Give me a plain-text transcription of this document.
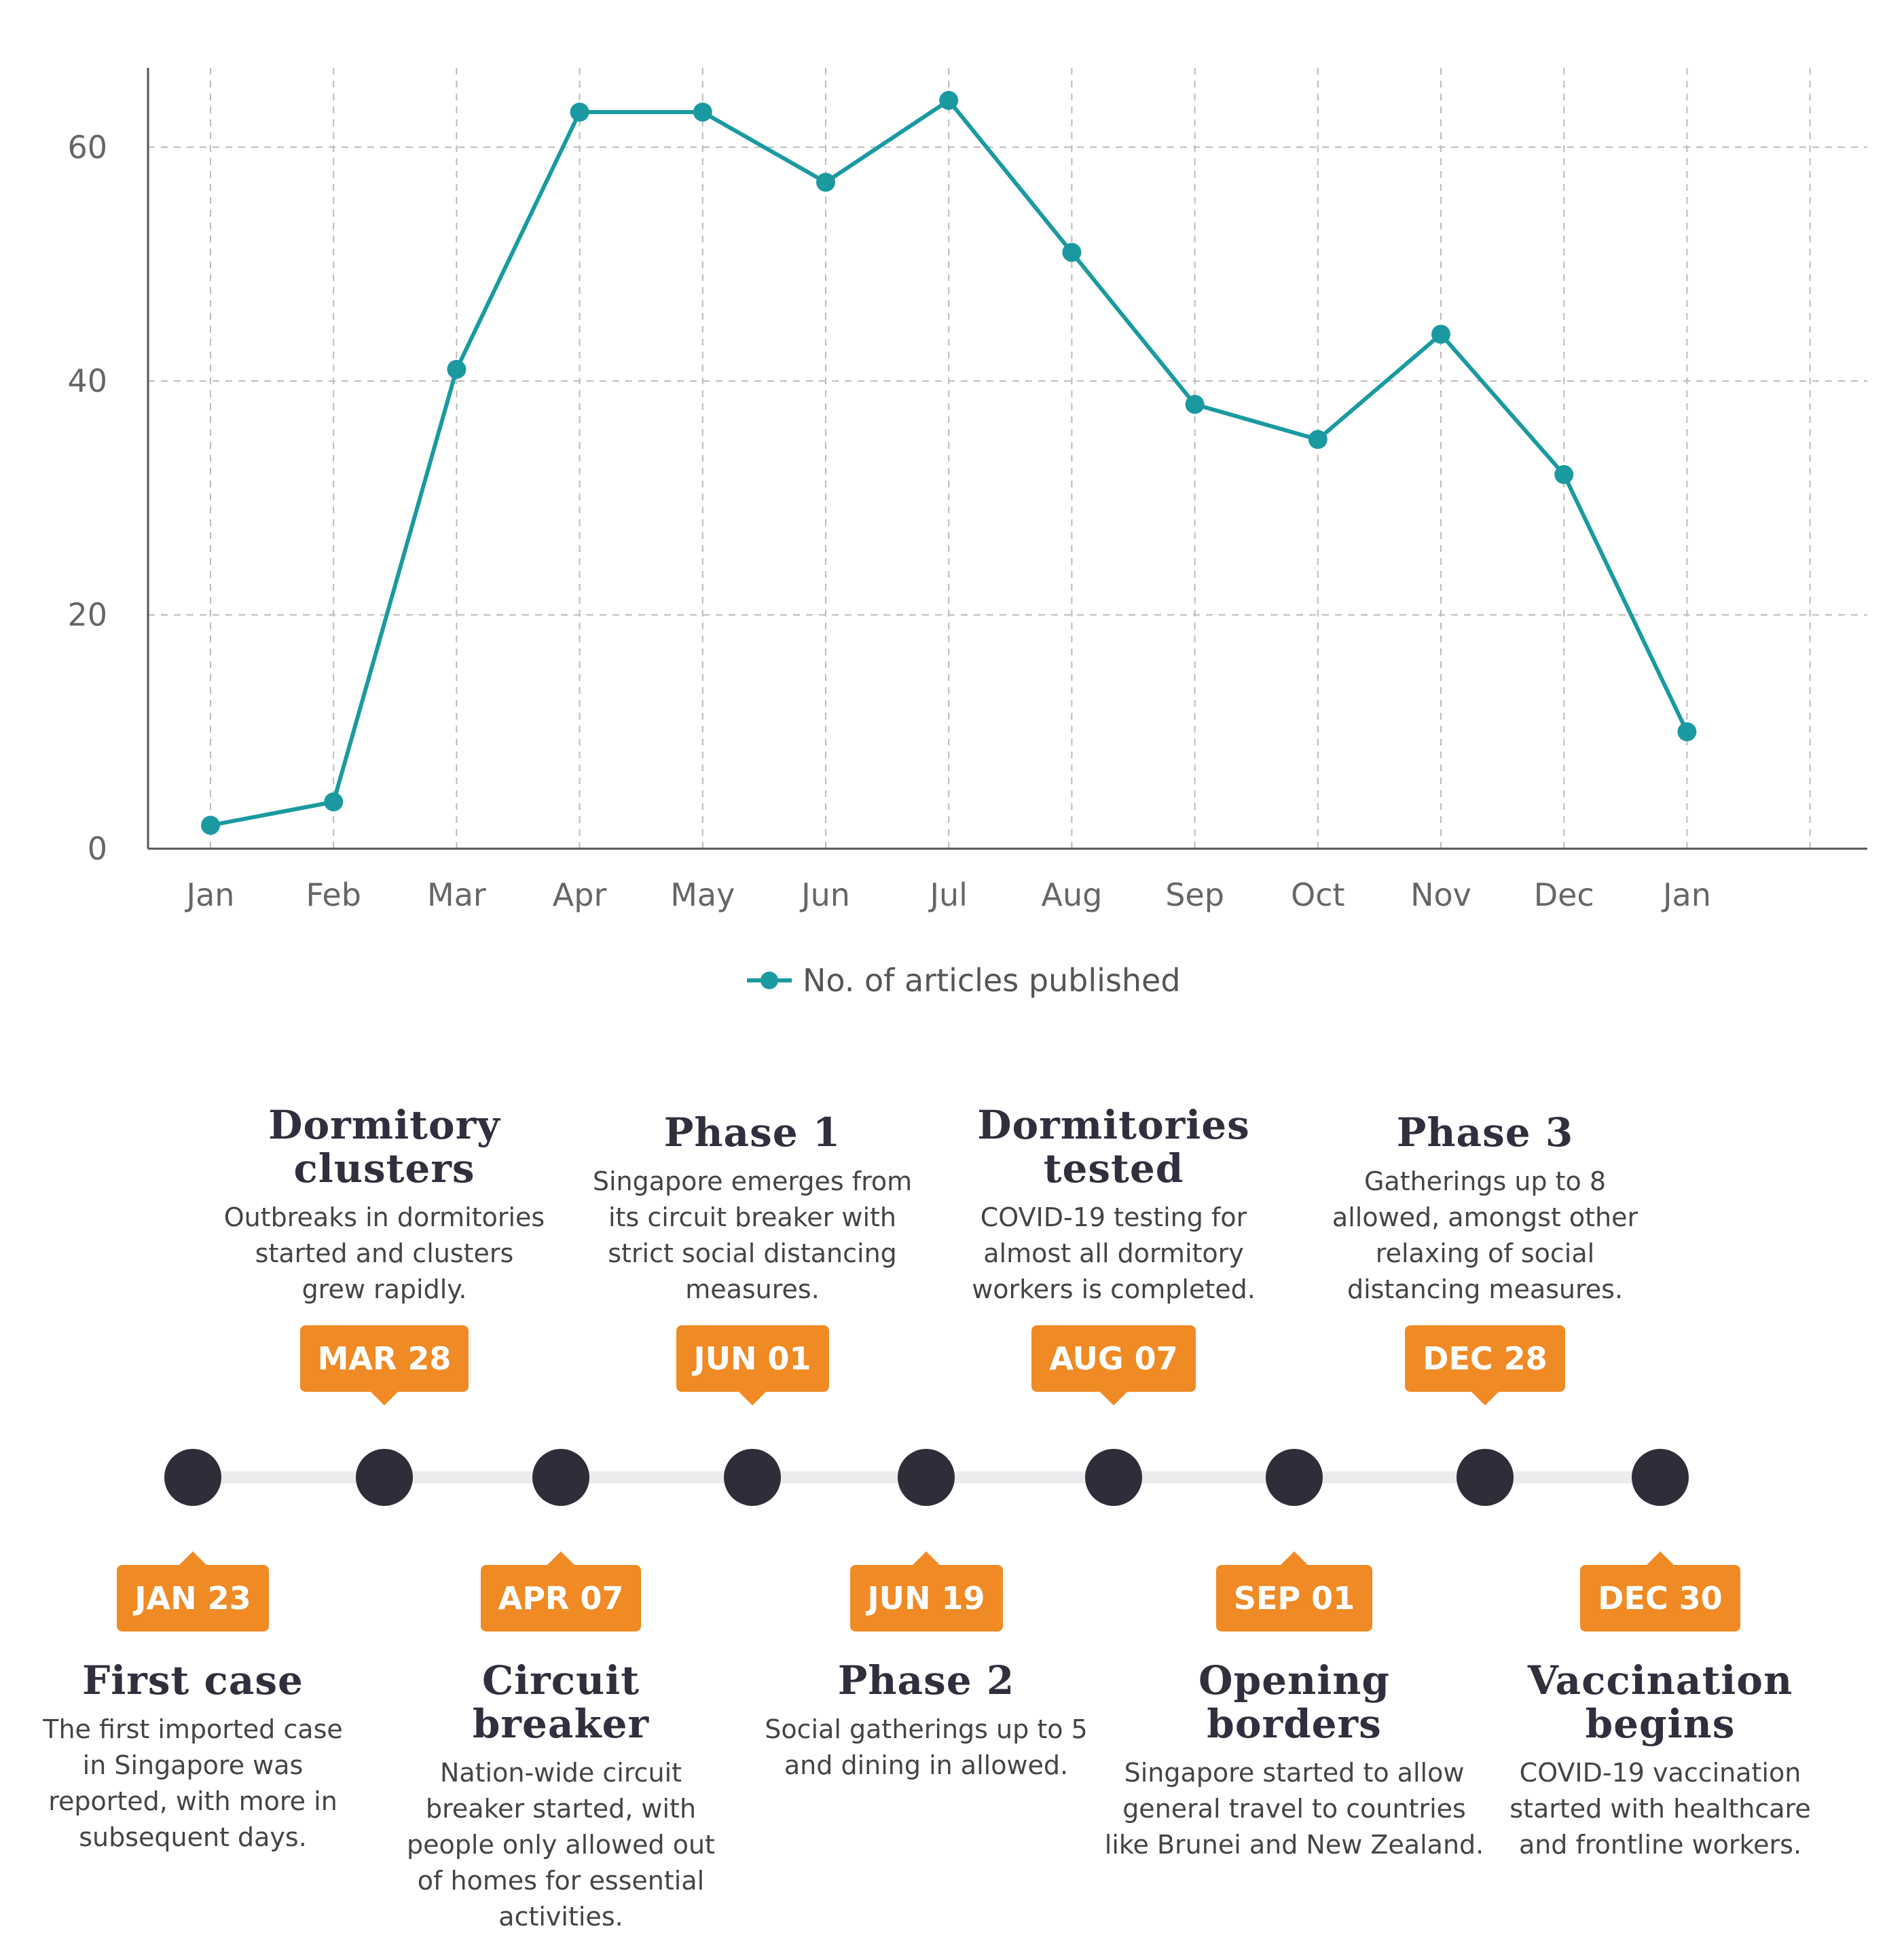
0
20
40
60
Jan Feb Mar Apr May Jun	Jul Aug Sep Oct Nov Dec Jan
No. of articles published
Dormitory clusters
Outbreaks in dormitories started and clusters grew rapidly.
MAR 28
Phase 1
Singapore emerges from its circuit breaker with strict social distancing measures.
JUN 01
Dormitories tested
COVID-19 testing for almost all dormitory workers is completed.
AUG 07
Phase 3
Gatherings up to 8 allowed, amongst other relaxing of social distancing measures.
DEC 28
JAN 23
First case
The first imported case in Singapore was reported, with more in subsequent days.
APR 07
Circuit breaker
Nation-wide circuit breaker started, with people only allowed out of homes for essential activities.
JUN 19
Phase 2
Social gatherings up to 5 and dining in allowed.
SEP 01
Opening borders
Singapore started to allow general travel to countries like Brunei and New Zealand.
DEC 30
Vaccination begins
COVID-19 vaccination started with healthcare and frontline workers.
